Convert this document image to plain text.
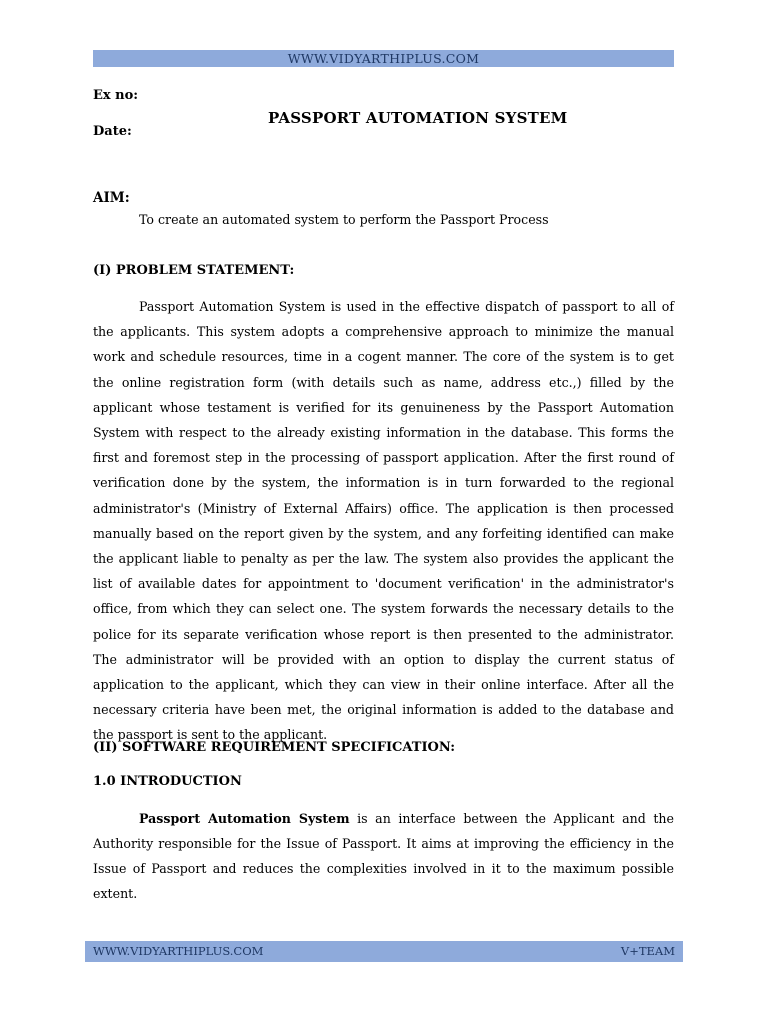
WWW.VIDYARTHIPLUS.COM
Ex no:
PASSPORT AUTOMATION SYSTEM
Date:
AIM:
To create an automated system to perform the Passport Process
(I) PROBLEM STATEMENT:

Passport Automation System is used in the effective dispatch of passport to all of the applicants. This system adopts a comprehensive approach to minimize the manual work and schedule resources, time in a cogent manner. The core of the system is to get the online registration form (with details such as name, address etc.,) filled by the applicant whose testament is verified for its genuineness by the Passport Automation System with respect to the already existing information in the database. This forms the first and foremost step in the processing of passport application. After the first round of verification done by the system, the information is in turn forwarded to the regional administrator's (Ministry of External Affairs) office. The application is then processed manually based on the report given by the system, and any forfeiting identified can make the applicant liable to penalty as per the law. The system also provides the applicant the list of available dates for appointment to 'document verification' in the administrator's office, from which they can select one. The system forwards the necessary details to the police for its separate verification whose report is then presented to the administrator. The administrator will be provided with an option to display the current status of application to the applicant, which they can view in their online interface. After all the necessary criteria have been met, the original information is added to the database and the passport is sent to the applicant.

(II) SOFTWARE REQUIREMENT SPECIFICATION:
1.0 INTRODUCTION

Passport Automation System is an interface between the Applicant and the Authority responsible for the Issue of Passport. It aims at improving the efficiency in the Issue of Passport and reduces the complexities involved in it to the maximum possible extent.

WWW.VIDYARTHIPLUS.COM	V+TEAM
